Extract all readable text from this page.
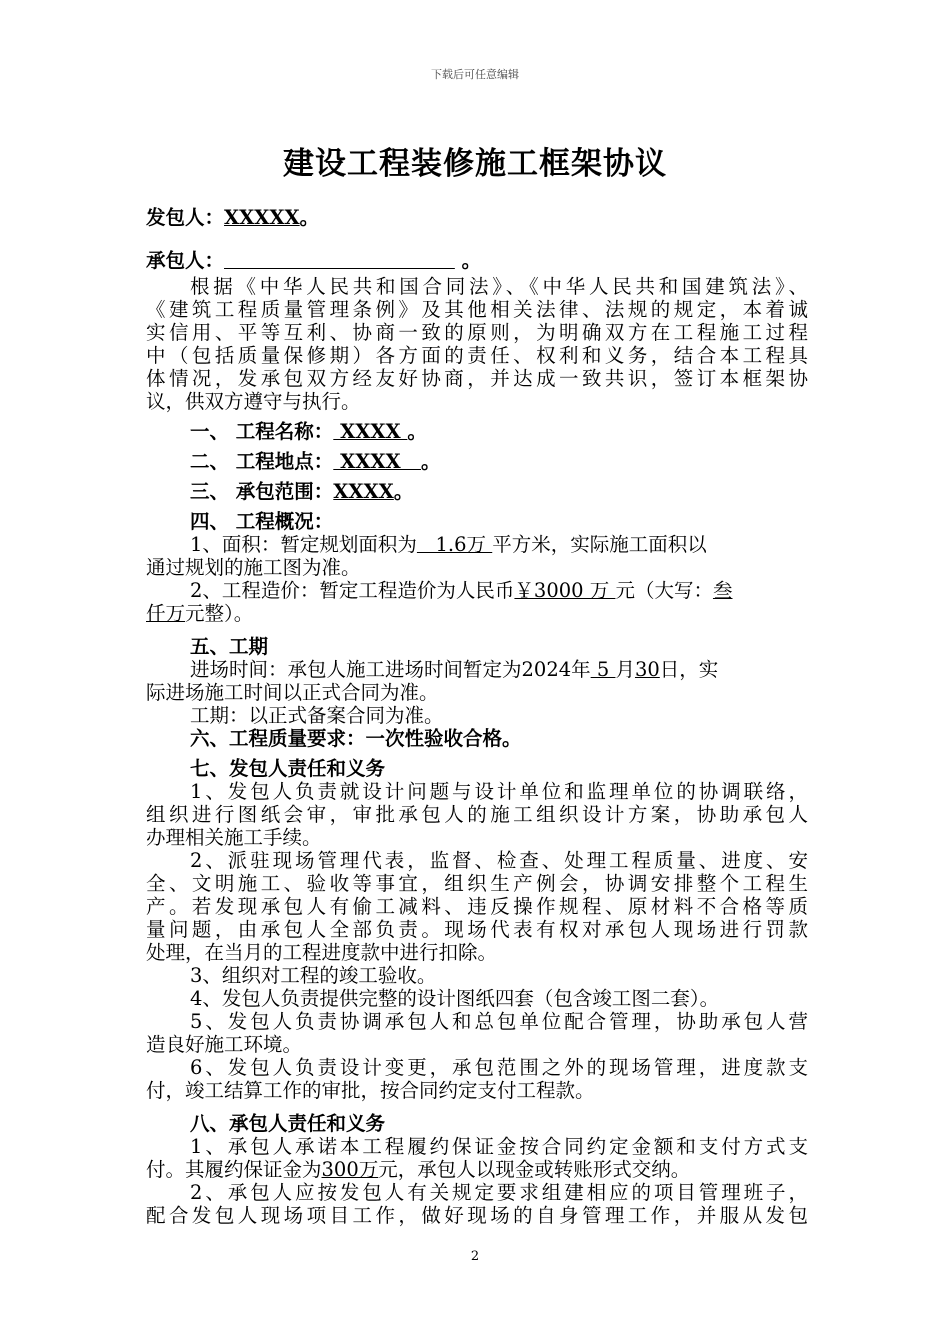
下载后可任意编辑
建设工程装修施工框架协议

发包人：XXXXX。

承包人：	。

根据《中华人民共和国合同法》、《中华人民共和国建筑法》、

《建筑工程质量管理条例》及其他相关法律、法规的规定，本着诚

实信用、平等互利、协商一致的原则，为明确双方在工程施工过程

中（包括质量保修期）各方面的责任、权利和义务，结合本工程具

体情况，发承包双方经友好协商，并达成一致共识，签订本框架协

议，供双方遵守与执行。

一、 工程名称： XXXX 。

二、 工程地点： XXXX   。

三、 承包范围：XXXX。

四、 工程概况：

1、面积：暂定规划面积为   1.6万 平方米，实际施工面积以

通过规划的施工图为准。

2、工程造价：暂定工程造价为人民币￥3000 万 元（大写：叁

仟万元整）。

五、工期

进场时间：承包人施工进场时间暂定为2024年 5 月30日，实

际进场施工时间以正式合同为准。

工期：以正式备案合同为准。

六、工程质量要求：一次性验收合格。

七、发包人责任和义务

1、发包人负责就设计问题与设计单位和监理单位的协调联络，

组织进行图纸会审，审批承包人的施工组织设计方案，协助承包人

办理相关施工手续。

2、派驻现场管理代表，监督、检查、处理工程质量、进度、安

全、文明施工、验收等事宜，组织生产例会，协调安排整个工程生

产。若发现承包人有偷工减料、违反操作规程、原材料不合格等质

量问题，由承包人全部负责。现场代表有权对承包人现场进行罚款

处理，在当月的工程进度款中进行扣除。

3、组织对工程的竣工验收。

4、发包人负责提供完整的设计图纸四套（包含竣工图二套）。

5、发包人负责协调承包人和总包单位配合管理，协助承包人营

造良好施工环境。

6、发包人负责设计变更，承包范围之外的现场管理，进度款支

付，竣工结算工作的审批，按合同约定支付工程款。

八、承包人责任和义务

1、承包人承诺本工程履约保证金按合同约定金额和支付方式支

付。其履约保证金为300万元，承包人以现金或转账形式交纳。

2、承包人应按发包人有关规定要求组建相应的项目管理班子，

配合发包人现场项目工作，做好现场的自身管理工作，并服从发包

2
